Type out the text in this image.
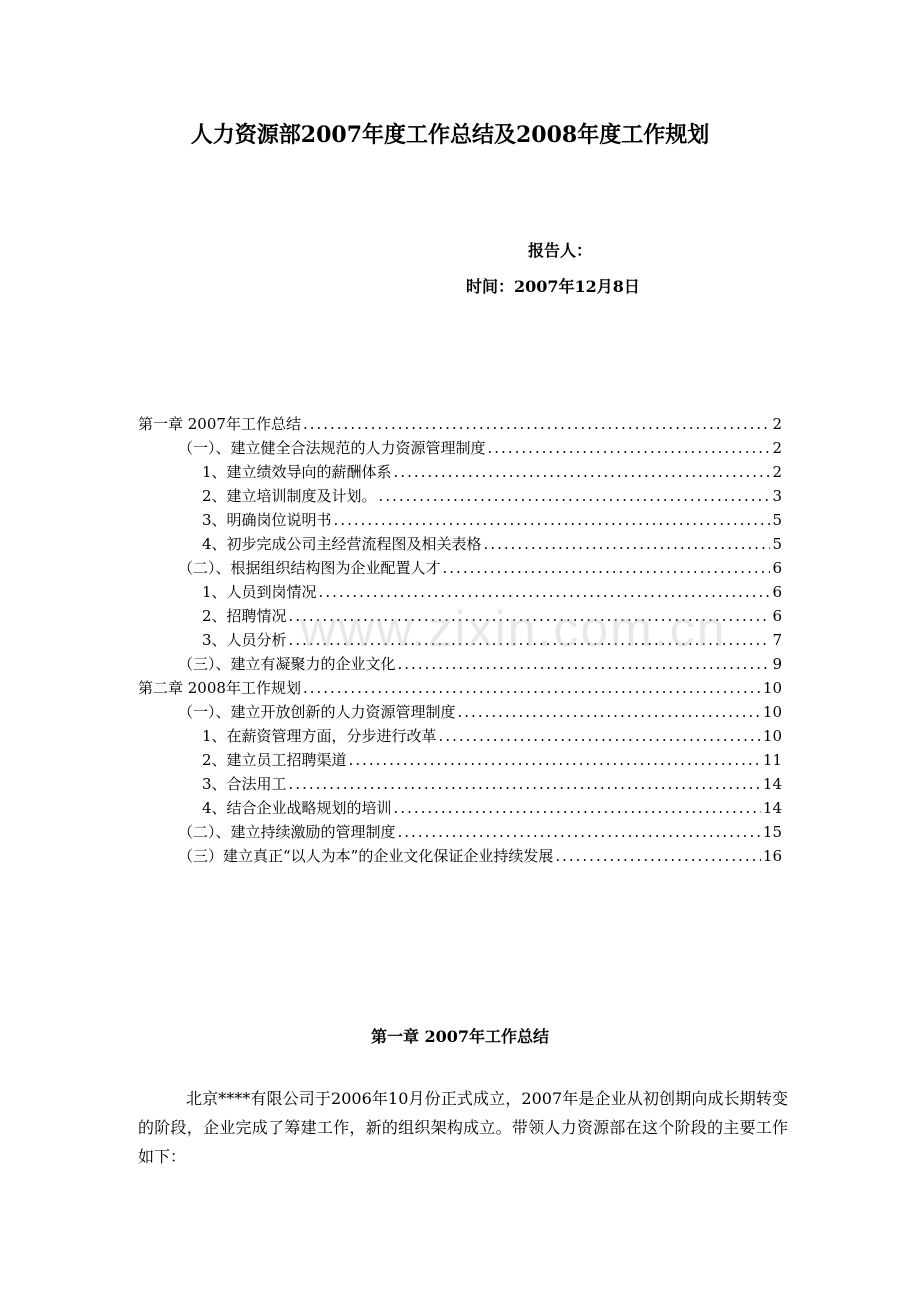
人力资源部2007年度工作总结及2008年度工作规划
报告人：
时间：2007年12月8日
第一章 2007年工作总结 .....	2
（一）、建立健全合法规范的人力资源管理制度 .....	2
1、建立绩效导向的薪酬体系 .....	2
2、建立培训制度及计划。 .....	3
3、明确岗位说明书 .....	5
4、初步完成公司主经营流程图及相关表格 .....	5
（二）、根据组织结构图为企业配置人才 .....	6
1、人员到岗情况 .....	6
2、招聘情况 .....	6
3、人员分析 .....	7
（三）、建立有凝聚力的企业文化 .....	9
第二章 2008年工作规划 .....	10
（一）、建立开放创新的人力资源管理制度 .....	10
1、在薪资管理方面，分步进行改革 .....	10
2、建立员工招聘渠道 .....	11
3、合法用工 .....	14
4、结合企业战略规划的培训 .....	14
（二）、建立持续激励的管理制度 .....	15
（三）建立真正“以人为本”的企业文化保证企业持续发展 .....	16
www.zixin.com.cn
第一章 2007年工作总结
北京****有限公司于2006年10月份正式成立，2007年是企业从初创期向成长期转变的阶段，企业完成了筹建工作，新的组织架构成立。带领人力资源部在这个阶段的主要工作如下：
